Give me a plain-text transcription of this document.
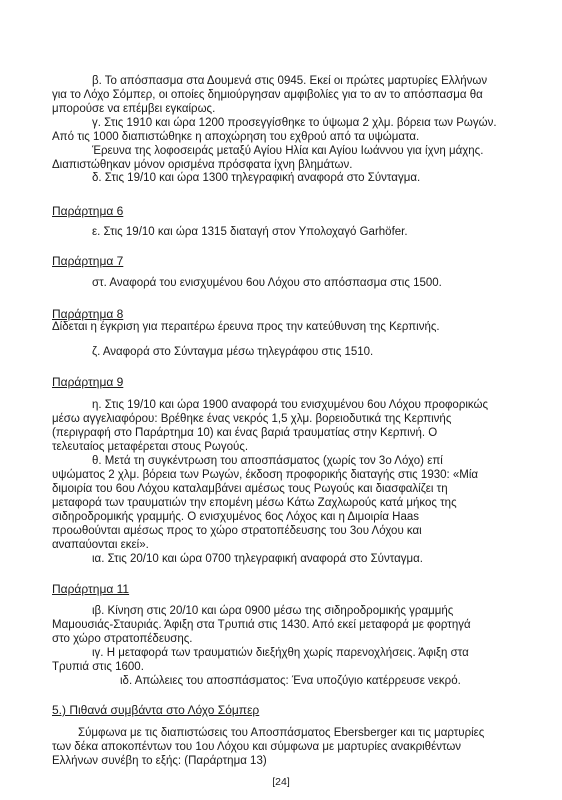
β. Το απόσπασμα στα Δουμενά στις 0945. Εκεί οι πρώτες μαρτυρίες Ελλήνων
για το Λόχο Σόμπερ, οι οποίες δημιούργησαν αμφιβολίες για το αν το απόσπασμα θα
μπορούσε να επέμβει εγκαίρως.
γ. Στις 1910 και ώρα 1200 προσεγγίσθηκε το ύψωμα 2 χλμ. βόρεια των Ρωγών.
Από τις 1000 διαπιστώθηκε η αποχώρηση του εχθρού από τα υψώματα.
Έρευνα της λοφοσειράς μεταξύ Αγίου Ηλία και Αγίου Ιωάννου για ίχνη μάχης.
Διαπιστώθηκαν μόνον ορισμένα πρόσφατα ίχνη βλημάτων.
δ. Στις 19/10 και ώρα 1300 τηλεγραφική αναφορά στο Σύνταγμα.
Παράρτημα 6
ε. Στις 19/10 και ώρα 1315 διαταγή στον Υπολοχαγό Garhöfer.
Παράρτημα 7
στ. Αναφορά του ενισχυμένου 6ου Λόχου στο απόσπασμα στις 1500.
Παράρτημα 8
Δίδεται η έγκριση για περαιτέρω έρευνα προς την κατεύθυνση της Κερπινής.
ζ. Αναφορά στο Σύνταγμα μέσω τηλεγράφου στις 1510.
Παράρτημα 9
η. Στις 19/10 και ώρα 1900 αναφορά του ενισχυμένου 6ου Λόχου προφορικώς
μέσω αγγελιαφόρου: Βρέθηκε ένας νεκρός 1,5 χλμ. βορειοδυτικά της Κερπινής
(περιγραφή στο Παράρτημα 10) και ένας βαριά τραυματίας στην Κερπινή. Ο
τελευταίος μεταφέρεται στους Ρωγούς.
θ. Μετά τη συγκέντρωση του αποσπάσματος (χωρίς τον 3ο Λόχο) επί
υψώματος 2 χλμ. βόρεια των Ρωγών, έκδοση προφορικής διαταγής στις 1930: «Μία
διμοιρία του 6ου Λόχου καταλαμβάνει αμέσως τους Ρωγούς και διασφαλίζει τη
μεταφορά των τραυματιών την επομένη μέσω Κάτω Ζαχλωρούς κατά μήκος της
σιδηροδρομικής γραμμής. Ο ενισχυμένος 6ος Λόχος και η Διμοιρία Haas
προωθούνται αμέσως προς το χώρο στρατοπέδευσης του 3ου Λόχου και
αναπαύονται εκεί».
ια. Στις 20/10 και ώρα 0700 τηλεγραφική αναφορά στο Σύνταγμα.
Παράρτημα 11
ιβ. Κίνηση στις 20/10 και ώρα 0900 μέσω της σιδηροδρομικής γραμμής
Μαμουσιάς-Σταυριάς. Άφιξη στα Τρυπιά στις 1430. Από εκεί μεταφορά με φορτηγά
στο χώρο στρατοπέδευσης.
ιγ. Η μεταφορά των τραυματιών διεξήχθη χωρίς παρενοχλήσεις. Άφιξη στα
Τρυπιά στις 1600.
ιδ. Απώλειες του αποσπάσματος: Ένα υποζύγιο κατέρρευσε νεκρό.
5.) Πιθανά συμβάντα στο Λόχο Σόμπερ
Σύμφωνα με τις διαπιστώσεις του Αποσπάσματος Ebersberger και τις μαρτυρίες
των δέκα αποκοπέντων του 1ου Λόχου και σύμφωνα με μαρτυρίες ανακριθέντων
Ελλήνων συνέβη το εξής: (Παράρτημα 13)
[24]
